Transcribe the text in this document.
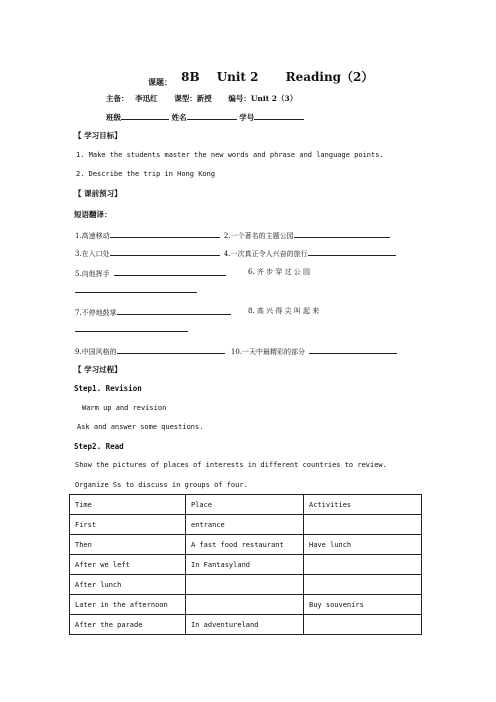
$_{课题:}$ 8B Unit 2 Reading（2）
主备： 李迅红 课型：新授 编号：Unit 2（3）
班级	姓名	学号
【 学习目标】
1. Make the students master the new words and phrase and language points.
2. Describe the trip in Hong Kong
【 课前预习】
短语翻译：
1.高速移动	2.一个著名的主题公园
3.在入口处	4.一次真正令人兴奋的旅行
5.向他挥手	6. 齐 步 穿 过 公 园
7.不停地鼓掌	8. 高 兴 得 尖 叫 起 来
9.中国风格的	10.一天中最精彩的部分
【 学习过程】
Step1. Revision
Warm up and revision
Ask and answer some questions.
Step2. Read
Show the pictures of places of interests in different countries to review.
Organize Ss to discuss in groups of four.
Time	Place	Activities
First	entrance	
Then	A fast food restaurant	Have lunch
After we left	In Fantasyland	
After lunch		
Later in the afternoon		Buy souvenirs
After the parade	In adventureland	
